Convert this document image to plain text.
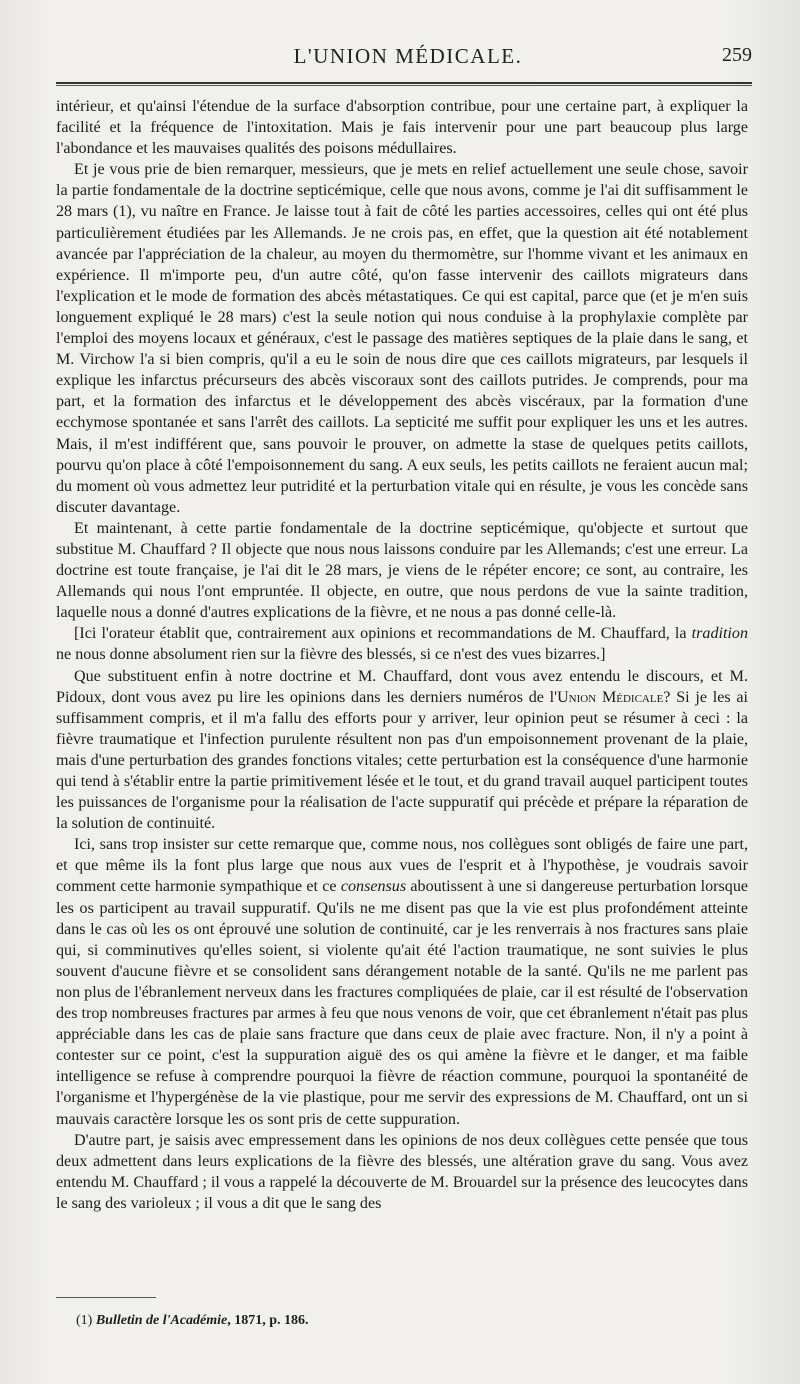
L'UNION MÉDICALE.	259

intérieur, et qu'ainsi l'étendue de la surface d'absorption contribue, pour une certaine part, à expliquer la facilité et la fréquence de l'intoxitation. Mais je fais intervenir pour une part beaucoup plus large l'abondance et les mauvaises qualités des poisons médullaires.

Et je vous prie de bien remarquer, messieurs, que je mets en relief actuellement une seule chose, savoir la partie fondamentale de la doctrine septicémique, celle que nous avons, comme je l'ai dit suffisamment le 28 mars (1), vu naître en France. Je laisse tout à fait de côté les parties accessoires, celles qui ont été plus particulièrement étudiées par les Allemands. Je ne crois pas, en effet, que la question ait été notablement avancée par l'appréciation de la chaleur, au moyen du thermomètre, sur l'homme vivant et les animaux en expérience. Il m'importe peu, d'un autre côté, qu'on fasse intervenir des caillots migrateurs dans l'explication et le mode de formation des abcès métastatiques. Ce qui est capital, parce que (et je m'en suis longuement expliqué le 28 mars) c'est la seule notion qui nous conduise à la prophylaxie complète par l'emploi des moyens locaux et généraux, c'est le passage des matières septiques de la plaie dans le sang, et M. Virchow l'a si bien compris, qu'il a eu le soin de nous dire que ces caillots migrateurs, par lesquels il explique les infarctus précurseurs des abcès viscoraux sont des caillots putrides. Je comprends, pour ma part, et la formation des infarctus et le développement des abcès viscéraux, par la formation d'une ecchymose spontanée et sans l'arrêt des caillots. La septicité me suffit pour expliquer les uns et les autres. Mais, il m'est indifférent que, sans pouvoir le prouver, on admette la stase de quelques petits caillots, pourvu qu'on place à côté l'empoisonnement du sang. A eux seuls, les petits caillots ne feraient aucun mal; du moment où vous admettez leur putridité et la perturbation vitale qui en résulte, je vous les concède sans discuter davantage.

Et maintenant, à cette partie fondamentale de la doctrine septicémique, qu'objecte et surtout que substitue M. Chauffard ? Il objecte que nous nous laissons conduire par les Allemands; c'est une erreur. La doctrine est toute française, je l'ai dit le 28 mars, je viens de le répéter encore; ce sont, au contraire, les Allemands qui nous l'ont empruntée. Il objecte, en outre, que nous perdons de vue la sainte tradition, laquelle nous a donné d'autres explications de la fièvre, et ne nous a pas donné celle-là.

[Ici l'orateur établit que, contrairement aux opinions et recommandations de M. Chauffard, la tradition ne nous donne absolument rien sur la fièvre des blessés, si ce n'est des vues bizarres.]

Que substituent enfin à notre doctrine et M. Chauffard, dont vous avez entendu le discours, et M. Pidoux, dont vous avez pu lire les opinions dans les derniers numéros de l'Union Médicale? Si je les ai suffisamment compris, et il m'a fallu des efforts pour y arriver, leur opinion peut se résumer à ceci : la fièvre traumatique et l'infection purulente résultent non pas d'un empoisonnement provenant de la plaie, mais d'une perturbation des grandes fonctions vitales; cette perturbation est la conséquence d'une harmonie qui tend à s'établir entre la partie primitivement lésée et le tout, et du grand travail auquel participent toutes les puissances de l'organisme pour la réalisation de l'acte suppuratif qui précède et prépare la réparation de la solution de continuité.

Ici, sans trop insister sur cette remarque que, comme nous, nos collègues sont obligés de faire une part, et que même ils la font plus large que nous aux vues de l'esprit et à l'hypothèse, je voudrais savoir comment cette harmonie sympathique et ce consensus aboutissent à une si dangereuse perturbation lorsque les os participent au travail suppuratif. Qu'ils ne me disent pas que la vie est plus profondément atteinte dans le cas où les os ont éprouvé une solution de continuité, car je les renverrais à nos fractures sans plaie qui, si comminutives qu'elles soient, si violente qu'ait été l'action traumatique, ne sont suivies le plus souvent d'aucune fièvre et se consolident sans dérangement notable de la santé. Qu'ils ne me parlent pas non plus de l'ébranlement nerveux dans les fractures compliquées de plaie, car il est résulté de l'observation des trop nombreuses fractures par armes à feu que nous venons de voir, que cet ébranlement n'était pas plus appréciable dans les cas de plaie sans fracture que dans ceux de plaie avec fracture. Non, il n'y a point à contester sur ce point, c'est la suppuration aiguë des os qui amène la fièvre et le danger, et ma faible intelligence se refuse à comprendre pourquoi la fièvre de réaction commune, pourquoi la spontanéité de l'organisme et l'hypergénèse de la vie plastique, pour me servir des expressions de M. Chauffard, ont un si mauvais caractère lorsque les os sont pris de cette suppuration.

D'autre part, je saisis avec empressement dans les opinions de nos deux collègues cette pensée que tous deux admettent dans leurs explications de la fièvre des blessés, une altération grave du sang. Vous avez entendu M. Chauffard ; il vous a rappelé la découverte de M. Brouardel sur la présence des leucocytes dans le sang des varioleux ; il vous a dit que le sang des

(1) Bulletin de l'Académie, 1871, p. 186.
